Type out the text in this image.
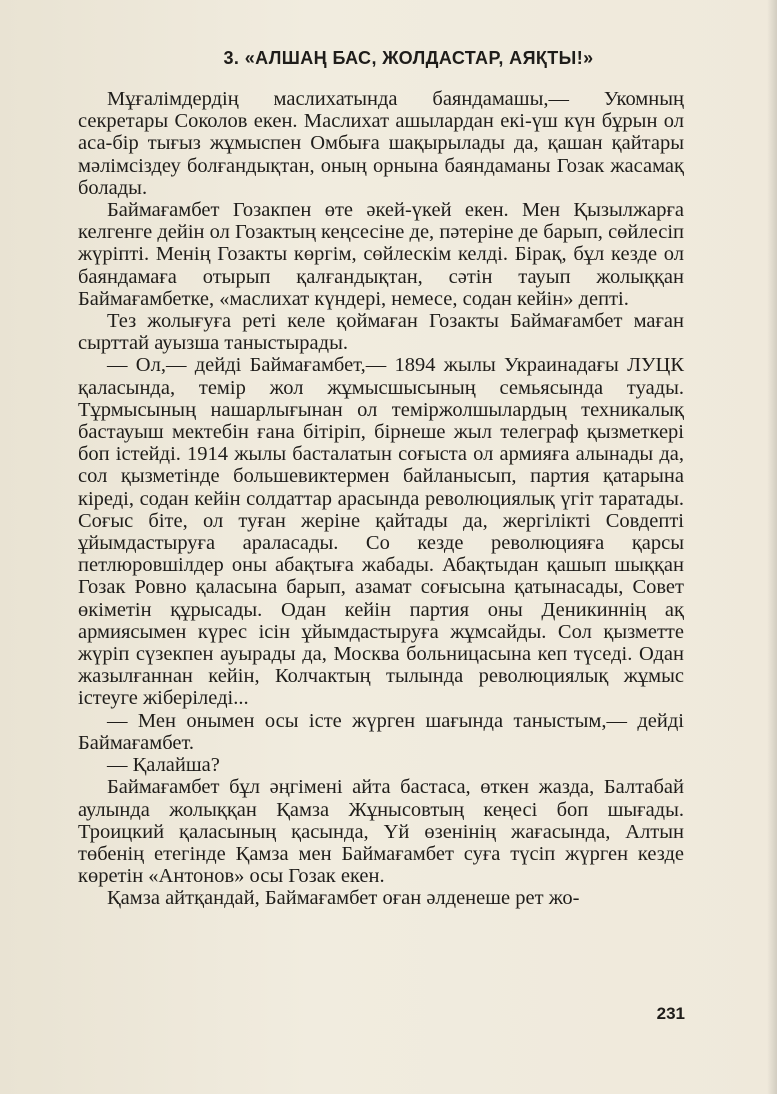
3. «АЛШАҢ БАС, ЖОЛДАСТАР, АЯҚТЫ!»

Мұғалімдердің маслихатында баяндамашы,— Укомның секретары Соколов екен. Маслихат ашылардан екі-үш күн бұрын ол аса-бір тығыз жұмыспен Омбыға шақырылады да, қашан қайтары мәлімсіздеу болғандықтан, оның орнына баяндаманы Гозак жасамақ болады.

Баймағамбет Гозакпен өте әкей-үкей екен. Мен Қызылжарға келгенге дейін ол Гозактың кеңсесіне де, пәтеріне де барып, сөйлесіп жүріпті. Менің Гозакты көргім, сөйлескім келді. Бірақ, бұл кезде ол баяндамаға отырып қалғандықтан, сәтін тауып жолыққан Баймағамбетке, «маслихат күндері, немесе, содан кейін» депті.

Тез жолығуға реті келе қоймаған Гозакты Баймағамбет маған сырттай ауызша таныстырады.

— Ол,— дейді Баймағамбет,— 1894 жылы Украинадағы ЛУЦК қаласында, темір жол жұмысшысының семьясында туады. Тұрмысының нашарлығынан ол теміржолшылардың техникалық бастауыш мектебін ғана бітіріп, бірнеше жыл телеграф қызметкері боп істейді. 1914 жылы басталатын соғыста ол армияға алынады да, сол қызметінде большевиктермен байланысып, партия қатарына кіреді, содан кейін солдаттар арасында революциялық үгіт таратады. Соғыс біте, ол туған жеріне қайтады да, жергілікті Совдепті ұйымдастыруға араласады. Со кезде революцияға қарсы петлюровшілдер оны абақтыға жабады. Абақтыдан қашып шыққан Гозак Ровно қаласына барып, азамат соғысына қатынасады, Совет өкіметін құрысады. Одан кейін партия оны Деникиннің ақ армиясымен күрес ісін ұйымдастыруға жұмсайды. Сол қызметте жүріп сүзекпен ауырады да, Москва больницасына кеп түседі. Одан жазылғаннан кейін, Колчактың тылында революциялық жұмыс істеуге жіберіледі...

— Мен онымен осы істе жүрген шағында таныстым,— дейді Баймағамбет.

— Қалайша?

Баймағамбет бұл әңгімені айта бастаса, өткен жазда, Балтабай аулында жолыққан Қамза Жұнысовтың кеңесі боп шығады. Троицкий қаласының қасында, Үй өзенінің жағасында, Алтын төбенің етегінде Қамза мен Баймағамбет суға түсіп жүрген кезде көретін «Антонов» осы Гозак екен.

Қамза айтқандай, Баймағамбет оған әлденеше рет жо-

231
